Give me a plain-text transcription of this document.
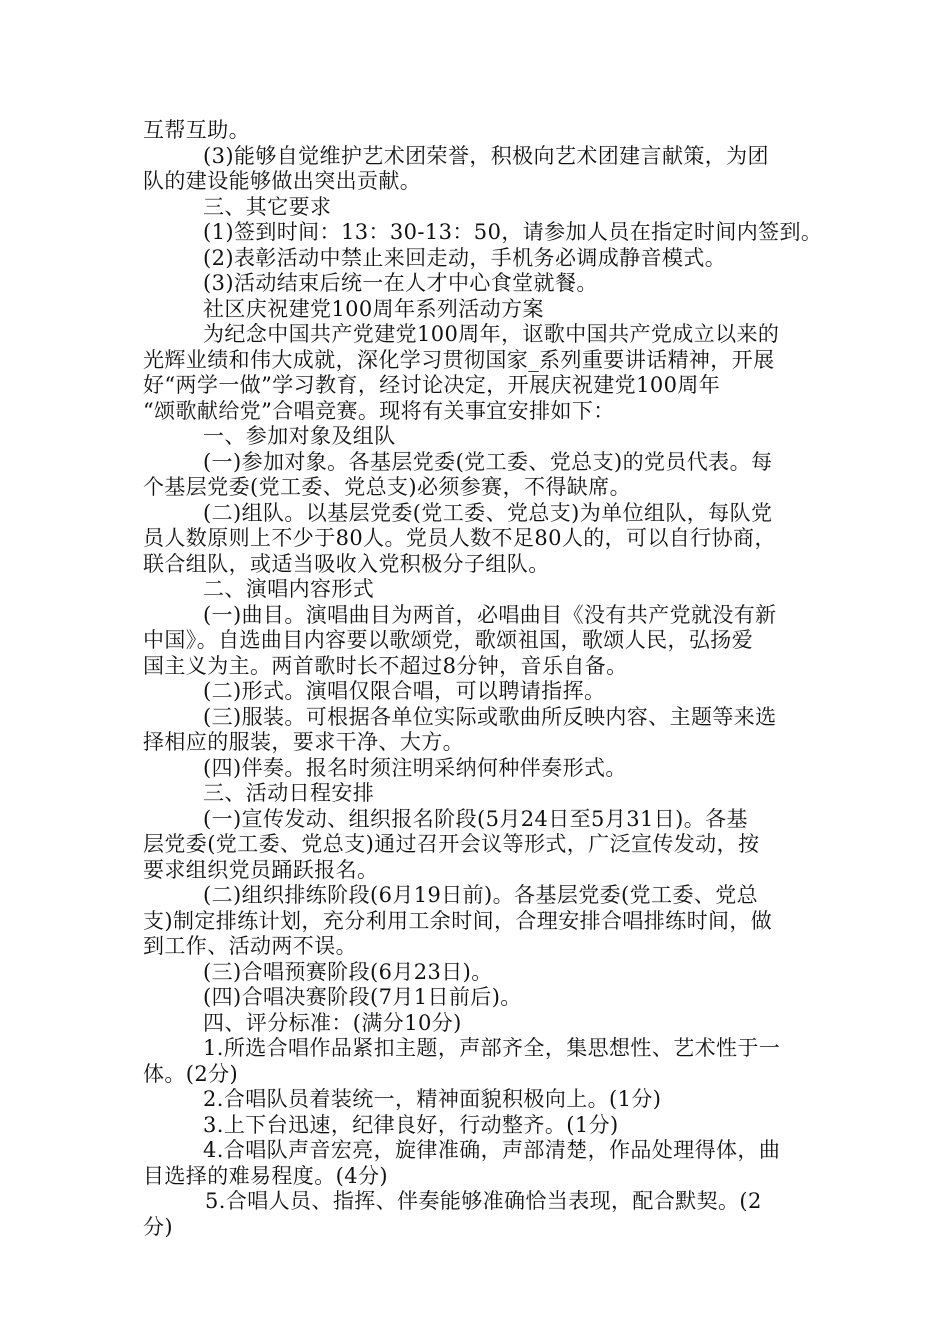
互帮互助。
(3)能够自觉维护艺术团荣誉，积极向艺术团建言献策，为团
队的建设能够做出突出贡献。
三、其它要求
(1)签到时间：13：30-13：50，请参加人员在指定时间内签到。
(2)表彰活动中禁止来回走动，手机务必调成静音模式。
(3)活动结束后统一在人才中心食堂就餐。
社区庆祝建党100周年系列活动方案
为纪念中国共产党建党100周年，讴歌中国共产党成立以来的
光辉业绩和伟大成就，深化学习贯彻国家_系列重要讲话精神，开展
好“两学一做”学习教育，经讨论决定，开展庆祝建党100周年
“颂歌献给党”合唱竞赛。现将有关事宜安排如下：
一、参加对象及组队
(一)参加对象。各基层党委(党工委、党总支)的党员代表。每
个基层党委(党工委、党总支)必须参赛，不得缺席。
(二)组队。以基层党委(党工委、党总支)为单位组队，每队党
员人数原则上不少于80人。党员人数不足80人的，可以自行协商，
联合组队，或适当吸收入党积极分子组队。
二、演唱内容形式
(一)曲目。演唱曲目为两首，必唱曲目《没有共产党就没有新
中国》。自选曲目内容要以歌颂党，歌颂祖国，歌颂人民，弘扬爱
国主义为主。两首歌时长不超过8分钟，音乐自备。
(二)形式。演唱仅限合唱，可以聘请指挥。
(三)服装。可根据各单位实际或歌曲所反映内容、主题等来选
择相应的服装，要求干净、大方。
(四)伴奏。报名时须注明采纳何种伴奏形式。
三、活动日程安排
(一)宣传发动、组织报名阶段(5月24日至5月31日)。各基
层党委(党工委、党总支)通过召开会议等形式，广泛宣传发动，按
要求组织党员踊跃报名。
(二)组织排练阶段(6月19日前)。各基层党委(党工委、党总
支)制定排练计划，充分利用工余时间，合理安排合唱排练时间，做
到工作、活动两不误。
(三)合唱预赛阶段(6月23日)。
(四)合唱决赛阶段(7月1日前后)。
四、评分标准：(满分10分)
1.所选合唱作品紧扣主题，声部齐全，集思想性、艺术性于一
体。(2分)
2.合唱队员着装统一，精神面貌积极向上。(1分)
3.上下台迅速，纪律良好，行动整齐。(1分)
4.合唱队声音宏亮，旋律准确，声部清楚，作品处理得体，曲
目选择的难易程度。(4分)
5.合唱人员、指挥、伴奏能够准确恰当表现，配合默契。(2
分)
